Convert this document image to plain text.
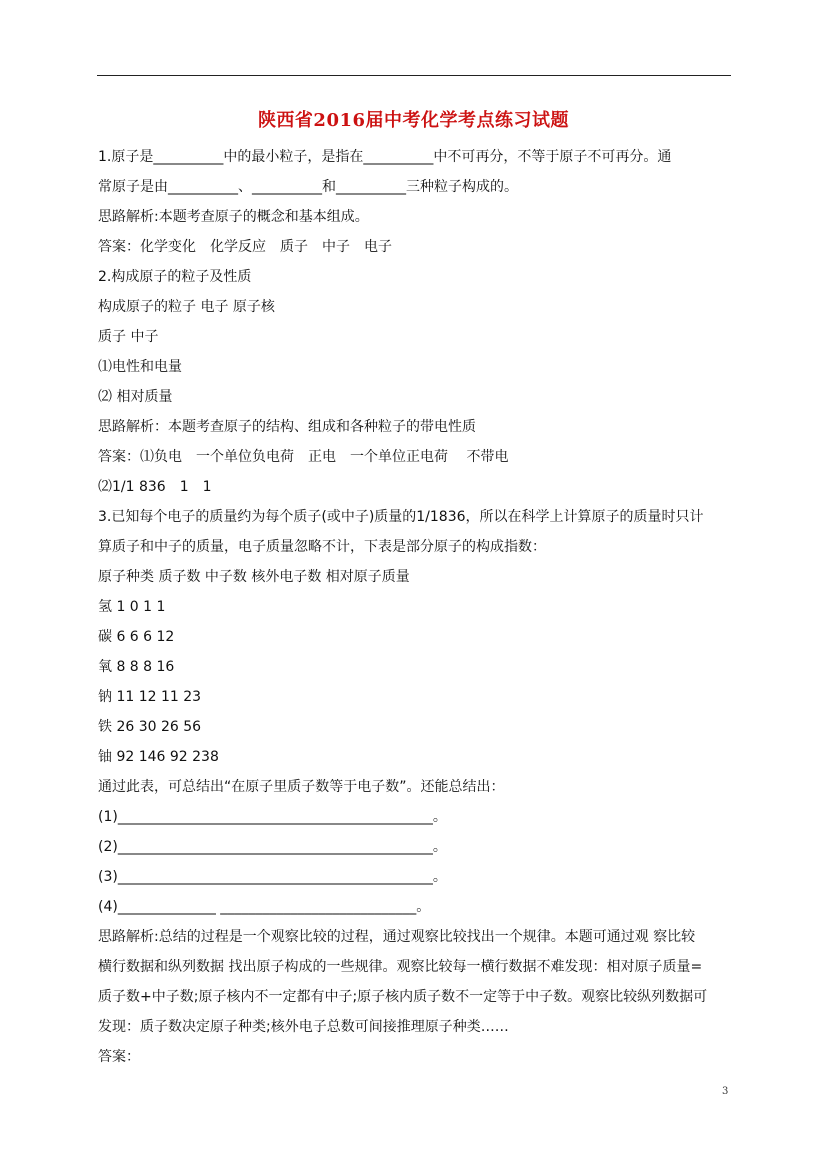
陕西省2016届中考化学考点练习试题
1.原子是__________中的最小粒子，是指在__________中不可再分，不等于原子不可再分。通
常原子是由__________、__________和__________三种粒子构成的。
思路解析:本题考查原子的概念和基本组成。
答案：化学变化　化学反应　质子　中子　电子
2.构成原子的粒子及性质
构成原子的粒子 电子 原子核
质子 中子
⑴电性和电量
⑵ 相对质量
思路解析：本题考查原子的结构、组成和各种粒子的带电性质
答案：⑴负电　一个单位负电荷　正电　一个单位正电荷　 不带电
⑵1/1 836　1　1
3.已知每个电子的质量约为每个质子(或中子)质量的1/1836，所以在科学上计算原子的质量时只计
算质子和中子的质量，电子质量忽略不计，下表是部分原子的构成指数：
原子种类 质子数 中子数 核外电子数 相对原子质量
氢 1 0 1 1
碳 6 6 6 12
氧 8 8 8 16
钠 11 12 11 23
铁 26 30 26 56
铀 92 146 92 238
通过此表，可总结出“在原子里质子数等于电子数”。还能总结出：
(1)_____________________________________________。
(2)_____________________________________________。
(3)_____________________________________________。
(4)______________ ____________________________。
思路解析:总结的过程是一个观察比较的过程，通过观察比较找出一个规律。本题可通过观 察比较
横行数据和纵列数据 找出原子构成的一些规律。观察比较每一横行数据不难发现：相对原子质量=
质子数+中子数;原子核内不一定都有中子;原子核内质子数不一定等于中子数。观察比较纵列数据可
发现：质子数决定原子种类;核外电子总数可间接推理原子种类……
答案：
3
